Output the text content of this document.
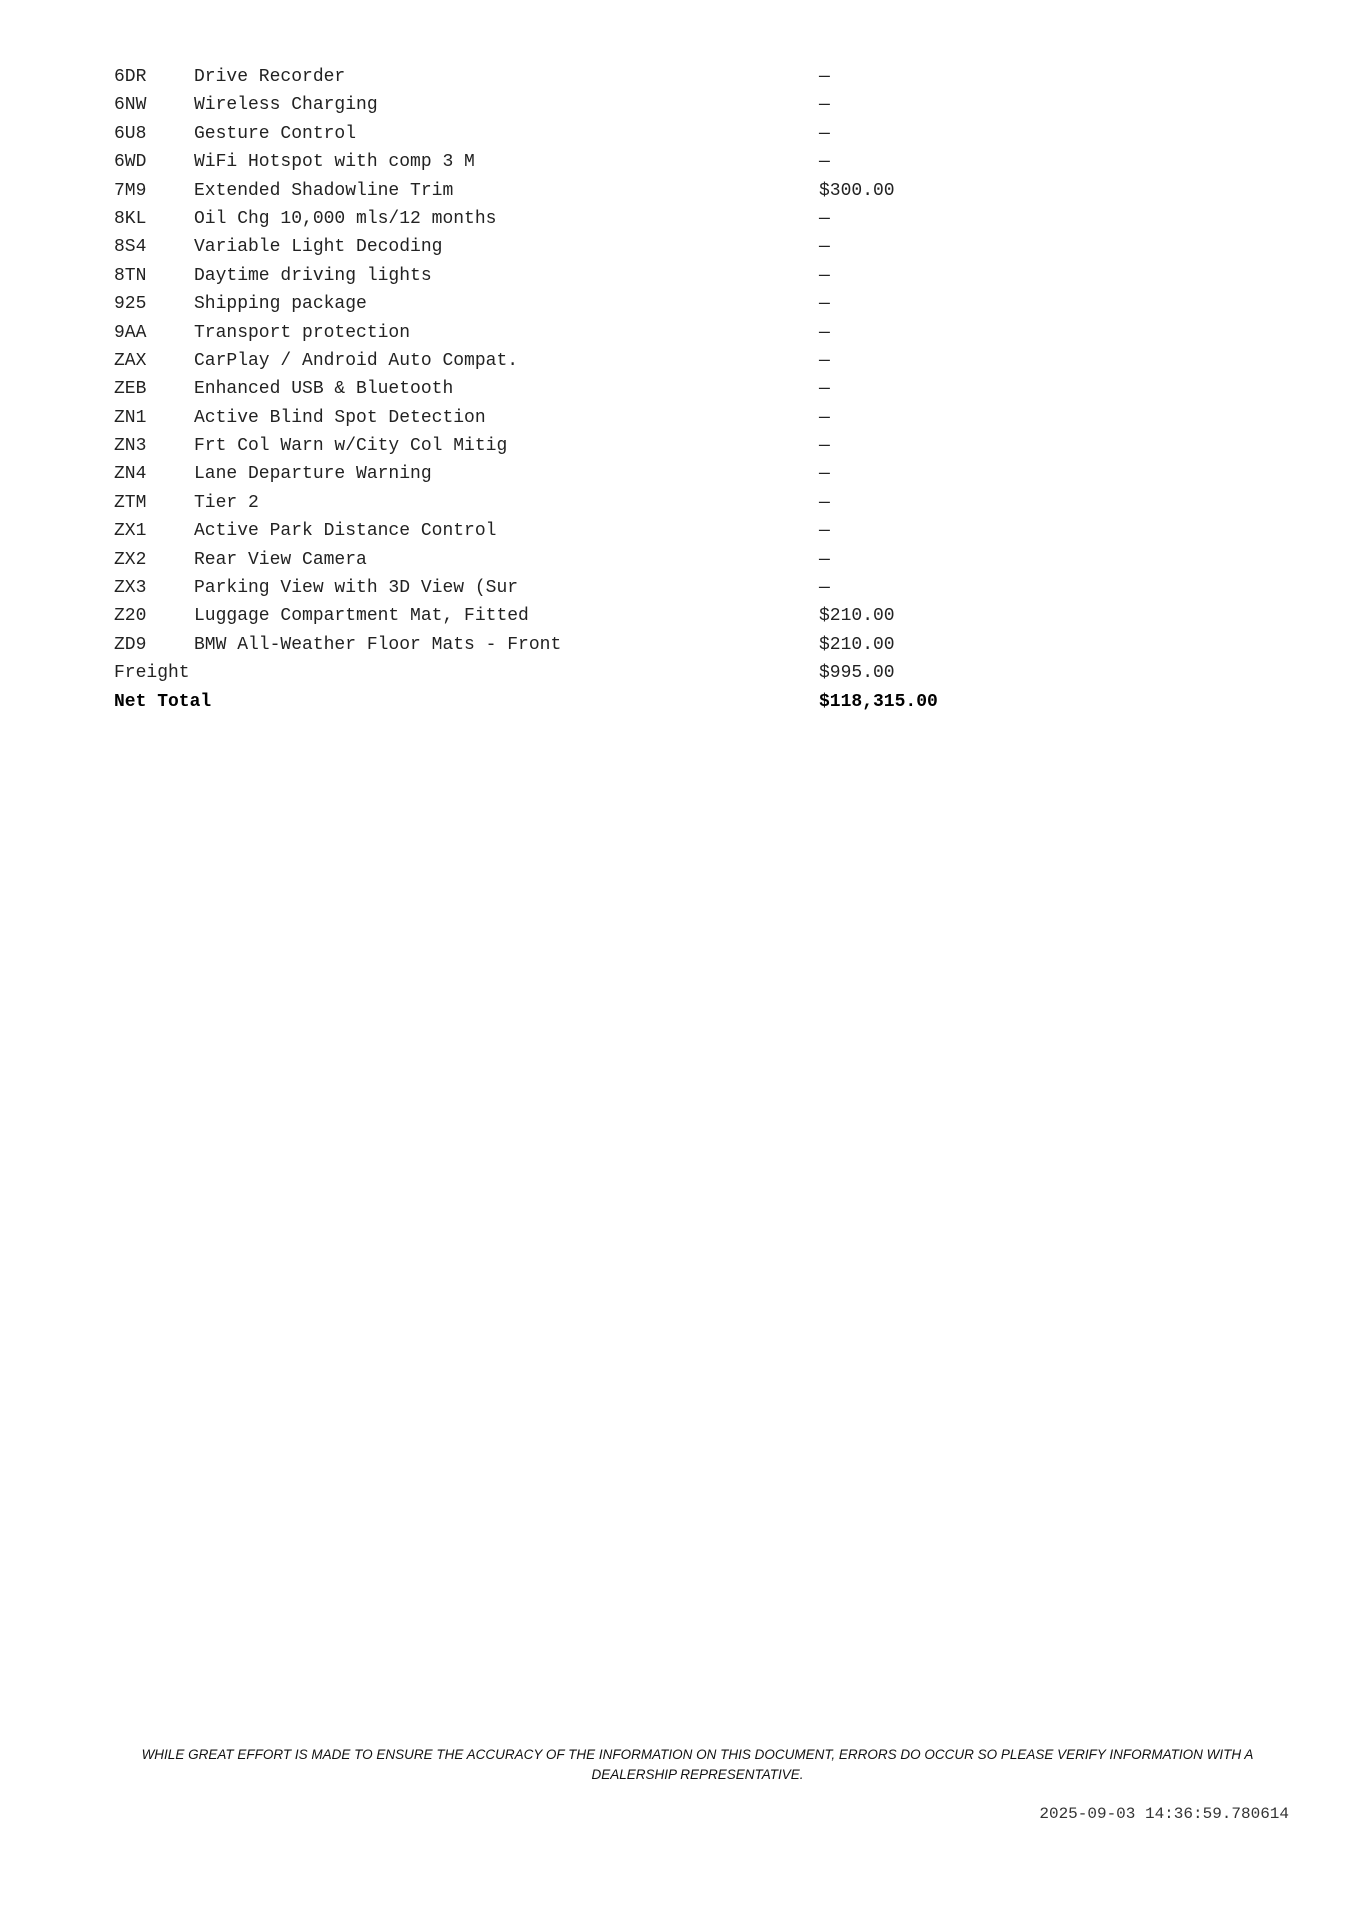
6DR	Drive Recorder	—
6NW	Wireless Charging	—
6U8	Gesture Control	—
6WD	WiFi Hotspot with comp 3 M	—
7M9	Extended Shadowline Trim	$300.00
8KL	Oil Chg 10,000 mls/12 months	—
8S4	Variable Light Decoding	—
8TN	Daytime driving lights	—
925	Shipping package	—
9AA	Transport protection	—
ZAX	CarPlay / Android Auto Compat.	—
ZEB	Enhanced USB & Bluetooth	—
ZN1	Active Blind Spot Detection	—
ZN3	Frt Col Warn w/City Col Mitig	—
ZN4	Lane Departure Warning	—
ZTM	Tier 2	—
ZX1	Active Park Distance Control	—
ZX2	Rear View Camera	—
ZX3	Parking View with 3D View (Sur	—
Z20	Luggage Compartment Mat, Fitted	$210.00
ZD9	BMW All-Weather Floor Mats - Front	$210.00
Freight	$995.00
Net Total	$118,315.00
WHILE GREAT EFFORT IS MADE TO ENSURE THE ACCURACY OF THE INFORMATION ON THIS DOCUMENT, ERRORS DO OCCUR SO PLEASE VERIFY INFORMATION WITH A DEALERSHIP REPRESENTATIVE.
2025-09-03 14:36:59.780614
